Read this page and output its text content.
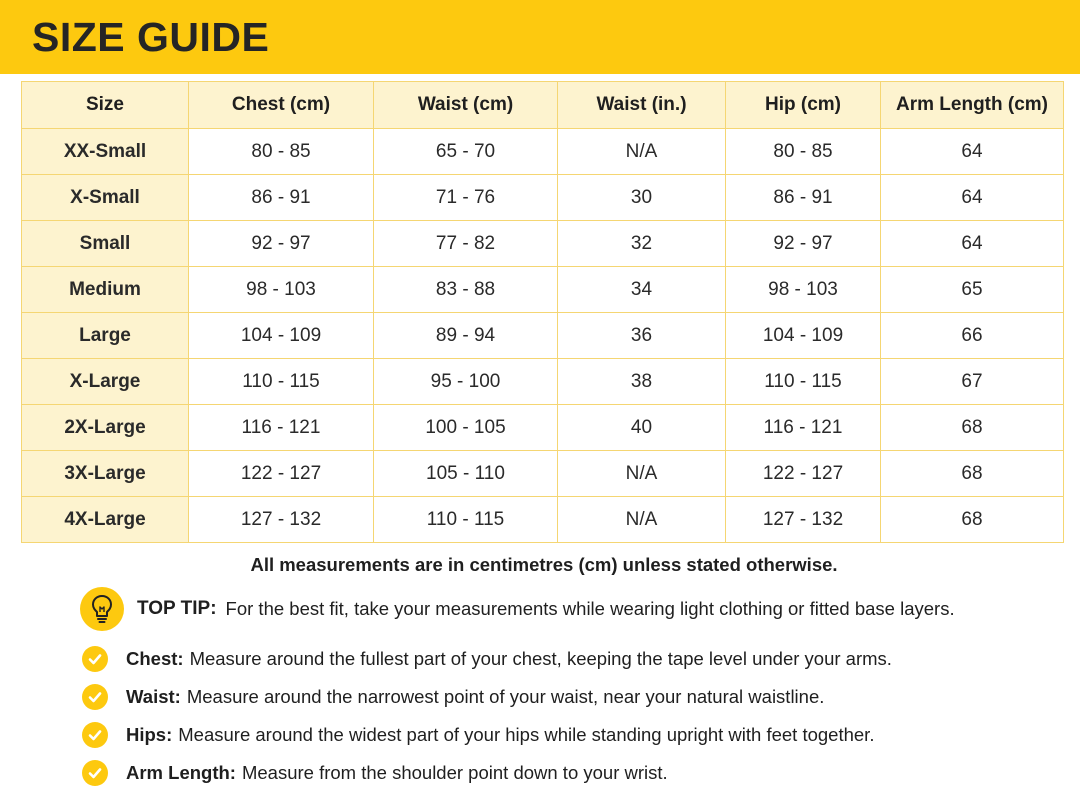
SIZE GUIDE
Size	Chest (cm)	Waist (cm)	Waist (in.)	Hip (cm)	Arm Length (cm)
XX-Small	80 - 85	65 - 70	N/A	80 - 85	64
X-Small	86 - 91	71 - 76	30	86 - 91	64
Small	92 - 97	77 - 82	32	92 - 97	64
Medium	98 - 103	83 - 88	34	98 - 103	65
Large	104 - 109	89 - 94	36	104 - 109	66
X-Large	110 - 115	95 - 100	38	110 - 115	67
2X-Large	116 - 121	100 - 105	40	116 - 121	68
3X-Large	122 - 127	105 - 110	N/A	122 - 127	68
4X-Large	127 - 132	110 - 115	N/A	127 - 132	68
All measurements are in centimetres (cm) unless stated otherwise.
TOP TIP: For the best fit, take your measurements while wearing light clothing or fitted base layers.
Chest: Measure around the fullest part of your chest, keeping the tape level under your arms.
Waist: Measure around the narrowest point of your waist, near your natural waistline.
Hips: Measure around the widest part of your hips while standing upright with feet together.
Arm Length: Measure from the shoulder point down to your wrist.
